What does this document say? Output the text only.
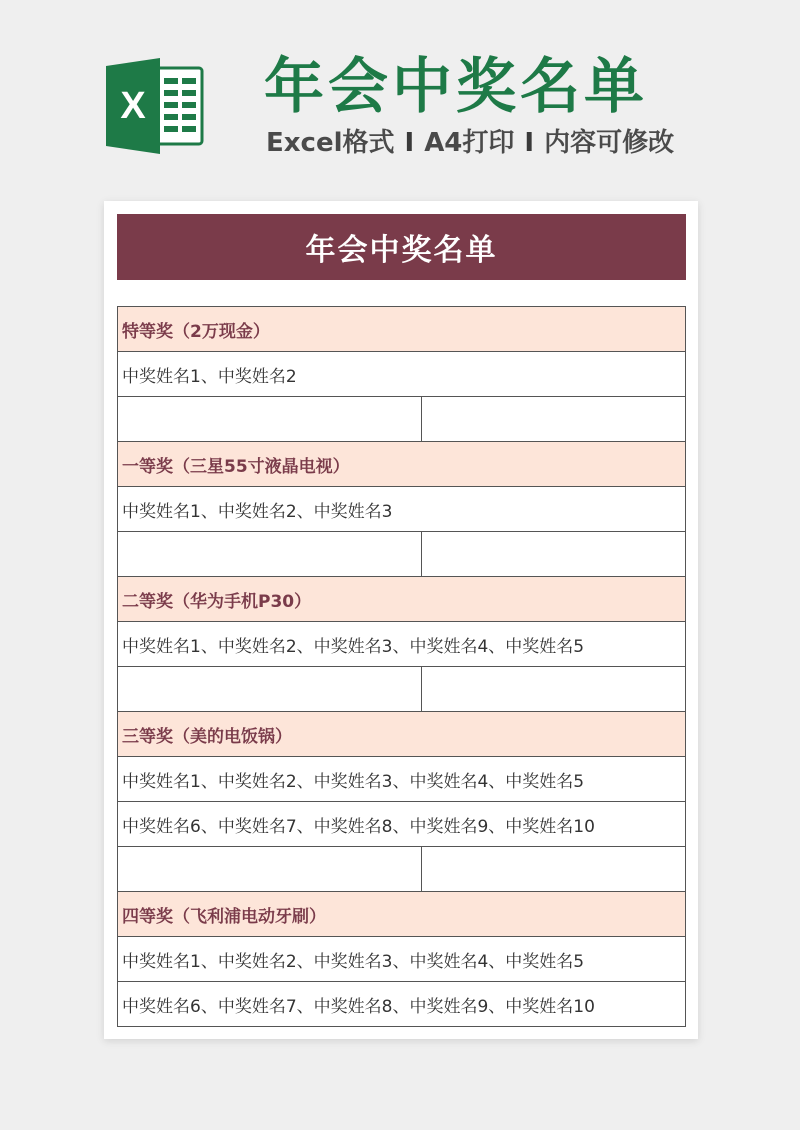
X 年会中奖名单
Excel格式 I A4打印 I 内容可修改
年会中奖名单
特等奖（2万现金）
中奖姓名1、中奖姓名2
一等奖（三星55寸液晶电视）
中奖姓名1、中奖姓名2、中奖姓名3
二等奖（华为手机P30）
中奖姓名1、中奖姓名2、中奖姓名3、中奖姓名4、中奖姓名5
三等奖（美的电饭锅）
中奖姓名1、中奖姓名2、中奖姓名3、中奖姓名4、中奖姓名5
中奖姓名6、中奖姓名7、中奖姓名8、中奖姓名9、中奖姓名10
四等奖（飞利浦电动牙刷）
中奖姓名1、中奖姓名2、中奖姓名3、中奖姓名4、中奖姓名5
中奖姓名6、中奖姓名7、中奖姓名8、中奖姓名9、中奖姓名10
